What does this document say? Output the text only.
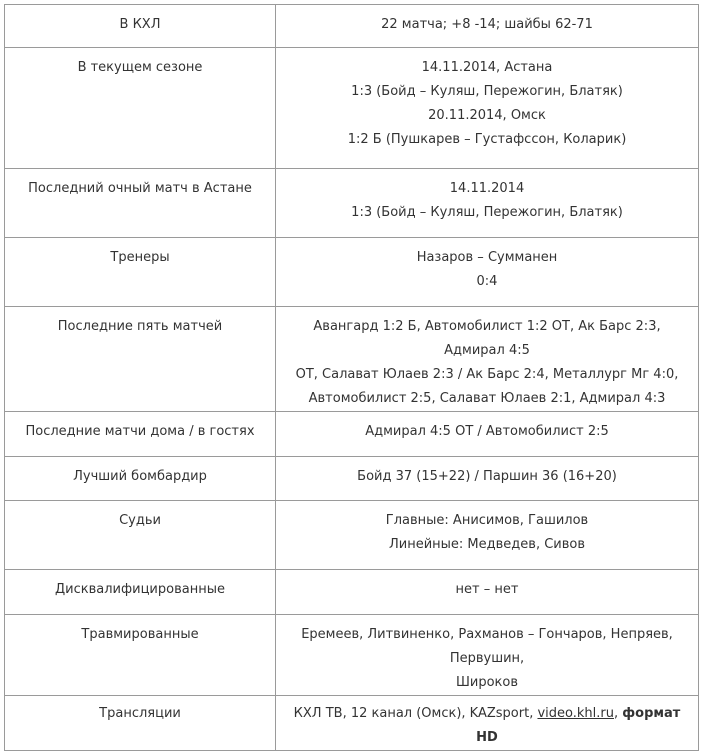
В КХЛ	22 матча; +8 -14; шайбы 62-71

В текущем сезоне	14.11.2014, Астана
1:3 (Бойд – Куляш, Пережогин, Блатяк)
20.11.2014, Омск
1:2 Б (Пушкарев – Густафссон, Коларик)

Последний очный матч в Астане	14.11.2014
1:3 (Бойд – Куляш, Пережогин, Блатяк)

Тренеры	Назаров – Сумманен
0:4

Последние пять матчей	Авангард 1:2 Б, Автомобилист 1:2 ОТ, Ак Барс 2:3, Адмирал 4:5
ОТ, Салават Юлаев 2:3 / Ак Барс 2:4, Металлург Мг 4:0,
Автомобилист 2:5, Салават Юлаев 2:1, Адмирал 4:3

Последние матчи дома / в гостях	Адмирал 4:5 ОТ / Автомобилист 2:5

Лучший бомбардир	Бойд 37 (15+22) / Паршин 36 (16+20)

Судьи	Главные: Анисимов, Гашилов
Линейные: Медведев, Сивов

Дисквалифицированные	нет – нет

Травмированные	Еремеев, Литвиненко, Рахманов – Гончаров, Непряев, Первушин,
Широков

Трансляции	КХЛ ТВ, 12 канал (Омск), KAZsport, video.khl.ru, формат HD
